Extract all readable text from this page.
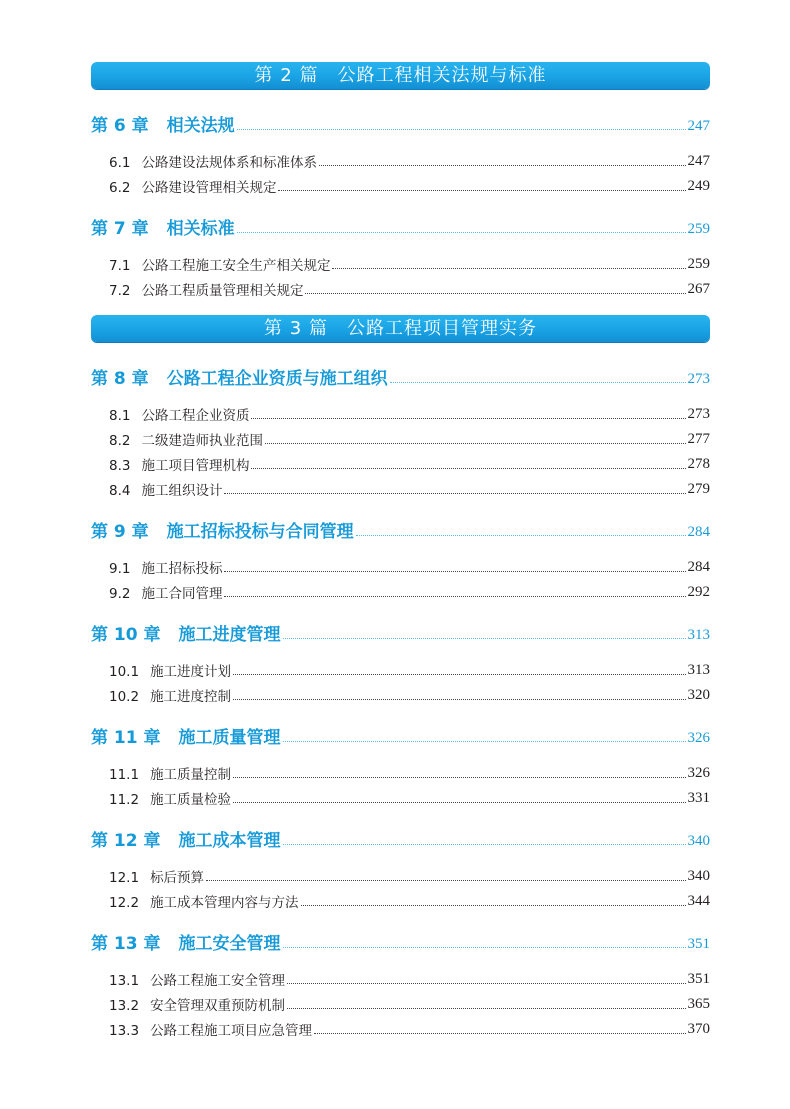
第 2 篇　公路工程相关法规与标准
第 6 章 相关法规	247
6.1 公路建设法规体系和标准体系	247
6.2 公路建设管理相关规定	249
第 7 章 相关标准	259
7.1 公路工程施工安全生产相关规定	259
7.2 公路工程质量管理相关规定	267
第 3 篇　公路工程项目管理实务
第 8 章 公路工程企业资质与施工组织	273
8.1 公路工程企业资质	273
8.2 二级建造师执业范围	277
8.3 施工项目管理机构	278
8.4 施工组织设计	279
第 9 章 施工招标投标与合同管理	284
9.1 施工招标投标	284
9.2 施工合同管理	292
第 10 章 施工进度管理	313
10.1 施工进度计划	313
10.2 施工进度控制	320
第 11 章 施工质量管理	326
11.1 施工质量控制	326
11.2 施工质量检验	331
第 12 章 施工成本管理	340
12.1 标后预算	340
12.2 施工成本管理内容与方法	344
第 13 章 施工安全管理	351
13.1 公路工程施工安全管理	351
13.2 安全管理双重预防机制	365
13.3 公路工程施工项目应急管理	370
